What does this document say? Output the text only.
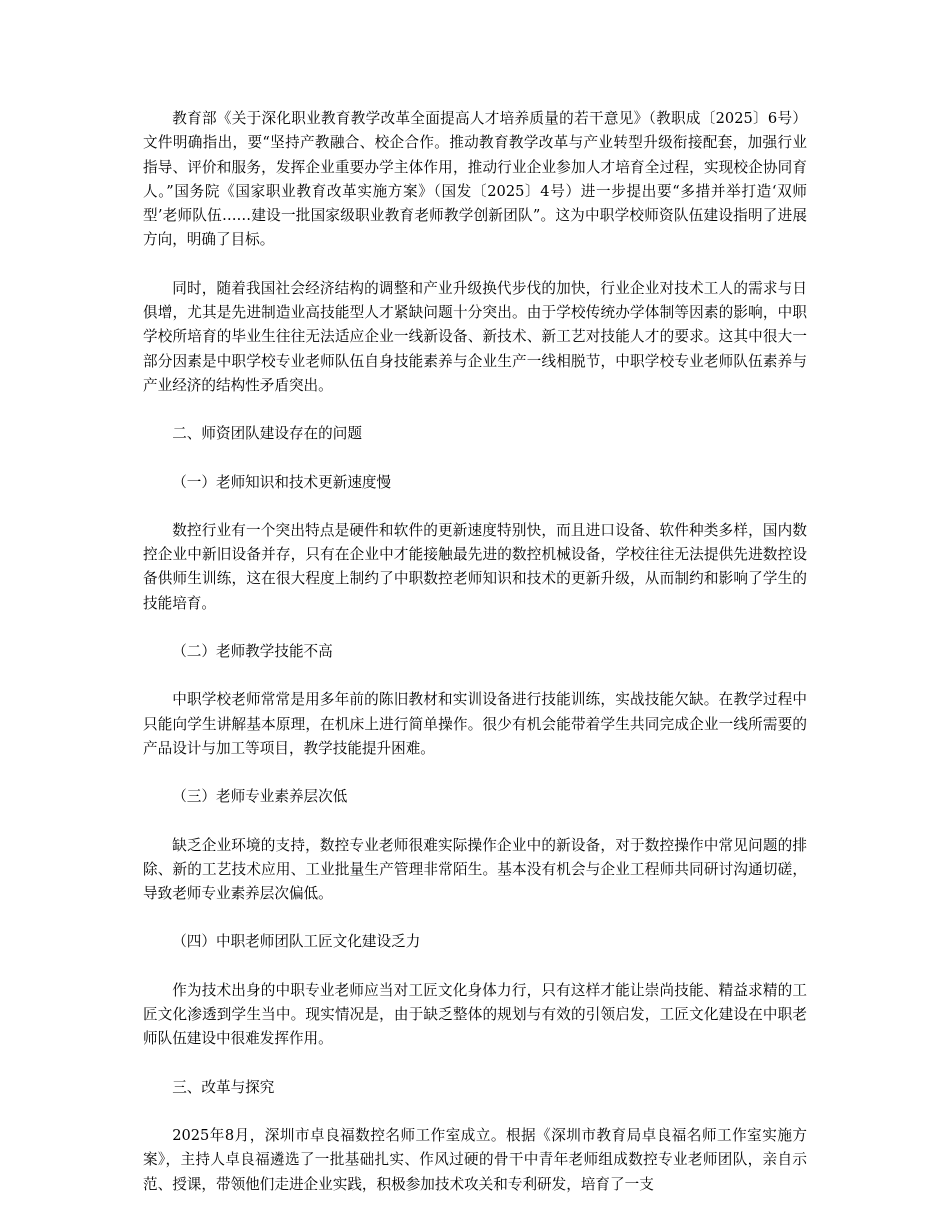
教育部《关于深化职业教育教学改革全面提高人才培养质量的若干意见》（教职成〔2025〕6号）文件明确指出，要“坚持产教融合、校企合作。推动教育教学改革与产业转型升级衔接配套，加强行业指导、评价和服务，发挥企业重要办学主体作用，推动行业企业参加人才培育全过程，实现校企协同育人。”国务院《国家职业教育改革实施方案》（国发〔2025〕4号）进一步提出要“多措并举打造‘双师型’老师队伍……建设一批国家级职业教育老师教学创新团队”。这为中职学校师资队伍建设指明了进展方向，明确了目标。

同时，随着我国社会经济结构的调整和产业升级换代步伐的加快，行业企业对技术工人的需求与日俱增，尤其是先进制造业高技能型人才紧缺问题十分突出。由于学校传统办学体制等因素的影响，中职学校所培育的毕业生往往无法适应企业一线新设备、新技术、新工艺对技能人才的要求。这其中很大一部分因素是中职学校专业老师队伍自身技能素养与企业生产一线相脱节，中职学校专业老师队伍素养与产业经济的结构性矛盾突出。

二、师资团队建设存在的问题

（一）老师知识和技术更新速度慢

数控行业有一个突出特点是硬件和软件的更新速度特别快，而且进口设备、软件种类多样，国内数控企业中新旧设备并存，只有在企业中才能接触最先进的数控机械设备，学校往往无法提供先进数控设备供师生训练，这在很大程度上制约了中职数控老师知识和技术的更新升级，从而制约和影响了学生的技能培育。

（二）老师教学技能不高

中职学校老师常常是用多年前的陈旧教材和实训设备进行技能训练，实战技能欠缺。在教学过程中只能向学生讲解基本原理，在机床上进行简单操作。很少有机会能带着学生共同完成企业一线所需要的产品设计与加工等项目，教学技能提升困难。

（三）老师专业素养层次低

缺乏企业环境的支持，数控专业老师很难实际操作企业中的新设备，对于数控操作中常见问题的排除、新的工艺技术应用、工业批量生产管理非常陌生。基本没有机会与企业工程师共同研讨沟通切磋，导致老师专业素养层次偏低。

（四）中职老师团队工匠文化建设乏力

作为技术出身的中职专业老师应当对工匠文化身体力行，只有这样才能让崇尚技能、精益求精的工匠文化渗透到学生当中。现实情况是，由于缺乏整体的规划与有效的引领启发，工匠文化建设在中职老师队伍建设中很难发挥作用。

三、改革与探究

2025年8月，深圳市卓良福数控名师工作室成立。根据《深圳市教育局卓良福名师工作室实施方案》，主持人卓良福遴选了一批基础扎实、作风过硬的骨干中青年老师组成数控专业老师团队，亲自示范、授课，带领他们走进企业实践，积极参加技术攻关和专利研发，培育了一支
